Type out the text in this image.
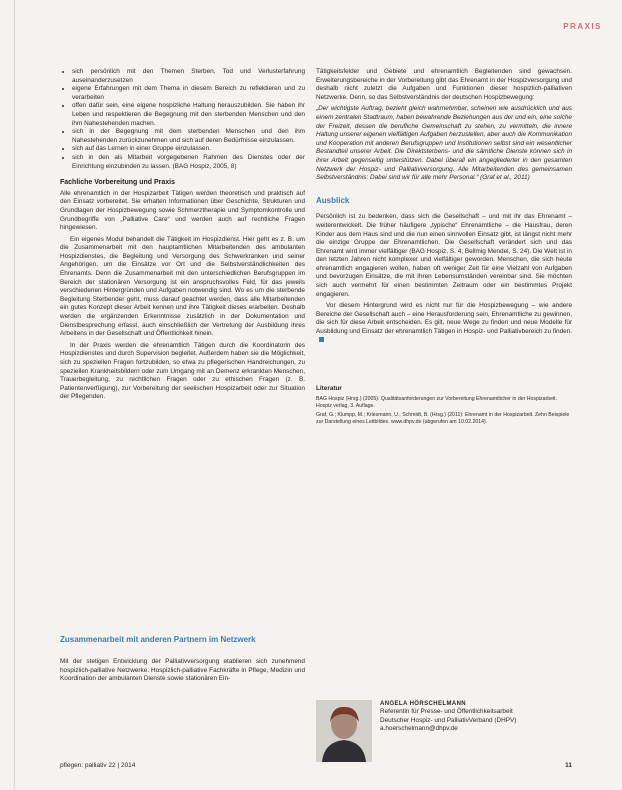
PRAXIS
• sich persönlich mit den Themen Sterben, Tod und Verlusterfahrung auseinanderzusetzen
• eigene Erfahrungen mit dem Thema in diesem Bereich zu reflektieren und zu verarbeiten
• offen dafür sein, eine eigene hospizliche Haltung herauszubilden. Sie haben ihr Leben und respektieren die Begegnung mit den sterbenden Menschen und den ihm Nahestehenden machen.
• sich in der Begegnung mit dem sterbenden Menschen und den ihm Nahestehenden zurückzunehmen und sich auf deren Bedürfnisse einzulassen.
• sich auf das Lernen in einer Gruppe einzulassen.
• sich in den als Mitarbeit vorgegebenen Rahmen des Dienstes oder der Einrichtung einzubinden zu lassen. (BAG Hospiz, 2005, 8)
Fachliche Vorbereitung und Praxis

Alle ehrenamtlich in der Hospizarbeit Tätigen werden theoretisch und praktisch auf den Einsatz vorbereitet. Sie erhalten Informationen über Geschichte, Strukturen und Grundlagen der Hospizbewegung sowie Schmerztherapie und Symptomkontrolle und Grundbegriffe von „Palliative Care“ und werden auch auf rechtliche Fragen hingewiesen.

Ein eigenes Modul behandelt die Tätigkeit im Hospizdienst. Hier geht es z. B. um die Zusammenarbeit mit den hauptamtlichen Mitarbeitenden des ambulanten Hospizdienstes, die Begleitung und Versorgung des Schwerkranken und seiner Angehörigen, um die Einsätze vor Ort und die Selbstverständlichkeiten des Ehrenamts. Denn die Zusammenarbeit mit den unterschiedlichen Berufsgruppen im Bereich der stationären Versorgung ist ein anspruchsvolles Feld, für das jeweils verschiedenen Hintergründen und Aufgaben notwendig sind. Wo es um die sterbende Begleitung Sterbender geht, muss darauf geachtet werden, dass alle Mitarbeitenden ein gutes Konzept dieser Arbeit kennen und ihre Tätigkeit dieses erarbeiten. Deshalb werden die ergänzenden Erkenntnisse zusätzlich in der Dokumentation und Dienstbesprechung erfasst, auch einschließlich der Vertretung der Ausbildung ihres Arbeitens in der Gesellschaft und Öffentlichkeit hinein.

In der Praxis werden die ehrenamtlich Tätigen durch die Koordinatorin des Hospizdienstes und durch Supervision begleitet. Außerdem haben sie die Möglichkeit, sich zu speziellen Fragen fortzubilden, so etwa zu pflegerischen Handreichungen, zu speziellen Krankheitsbildern oder zum Umgang mit an Demenz erkrankten Menschen, Trauerbegleitung, zu rechtlichen Fragen oder zu ethischen Fragen (z. B. Patientenverfügung), zur Vorbereitung der seelischen Hospizarbeit oder zur Situation der Pflegenden.

Tätigkeitsfelder und Gebiete und ehrenamtlich Begleitenden sind gewachsen. Erweiterungsbereiche in der Vorbereitung gibt das Ehrenamt in der Hospizversorgung und deshalb nicht zuletzt die Aufgaben und Funktionen dieser hospizlich-palliativen Netzwerke. Denn, so das Selbstverständnis der deutschen Hospizbewegung:

„Der wichtigste Auftrag, bezieht gleich wahrnehmbar, scheinen wie ausdrücklich und aus einem zentralen Stadtraum, haben bewahrende Beziehungen aus der und ein, eine solche der Freizeit, dessen die berufliche Gemeinschaft zu stehen, zu vermitteln, die innere Haltung unserer eigenen vielfältigen Aufgaben herzustellen, aber auch die Kommunikation und Kooperation mit anderen Berufsgruppen und Institutionen selbst sind ein wesentlicher Bestandteil unserer Arbeit. Die Direktsterbens- und die sämtliche Dienste können sich in ihrer Arbeit gegenseitig unterstützen. Dabei überall ein angegliederter in den gesamten Netzwerk der Hospiz- und Palliativversorgung. Alle Mitarbeitenden des gemeinsamen Selbstverständnis: Dabei sind wir für alle mehr Personal.“ (Graf et al., 2011)

Ausblick

Persönlich ist zu bedenken, dass sich die Gesellschaft – und mit ihr das Ehrenamt – weiterentwickelt. Die früher häufigere „typische“ Ehrenamtliche – die Hausfrau, deren Kinder aus dem Haus sind und die nun einen sinnvollen Einsatz gibt, ist längst nicht mehr die einzige Gruppe der Ehrenamtlichen. Die Gesellschaft verändert sich und das Ehrenamt wird immer vielfältiger (BAG Hospiz, S. 4; Bellmig Mendel, S. 24). Die Welt ist in den letzten Jahren nicht komplexer und vielfältiger geworden. Menschen, die sich heute ehrenamtlich engagieren wollen, haben oft weniger Zeit für eine Vielzahl von Aufgaben und bevorzugen Einsätze, die mit Ihren Lebensumständen vereinbar sind. Sie möchten sich auch vermehrt für einen bestimmten Zeitraum oder ein bestimmtes Projekt engagieren.

Vor diesem Hintergrund wird es nicht nur für die Hospizbewegung – wie andere Bereiche der Gesellschaft auch – eine Herausforderung sein, Ehrenamtliche zu gewinnen, die sich für diese Arbeit entscheiden. Es gilt, neue Wege zu finden und neue Modelle für Ausbildung und Einsatz der ehrenamtlich Tätigen in Hospiz- und Palliativbereich zu finden.

Literatur
BAG Hospiz (Hrsg.) (2005): Qualitätsanforderungen zur Vorbereitung Ehrenamtlicher in der Hospizarbeit. Hospiz verlag, 3. Auflage.
Graf, G.; Klumpp, M.; Kriesmann, U.; Schmidt, B. (Hrsg.) (2011): Ehrenamt in der Hospizarbeit. Zehn Beispiele zur Darstellung eines Leitbildes. www.dhpv.de (abgerufen am 10.02.2014).
Zusammenarbeit mit anderen Partnern im Netzwerk

Mit der stetigen Entwicklung der Palliativversorgung etablieren sich zunehmend hospizlich-palliative Netzwerke. Hospizlich-palliative Fachkräfte in Pflege, Medizin und Koordination der ambulanten Dienste sowie stationären Ein-

ANGELA HÖRSCHELMANN
Referentin für Presse- und Öffentlichkeitsarbeit
Deutscher Hospiz- und PalliativVerband (DHPV)
a.hoerschelmann@dhpv.de
pflegen: palliativ 22 | 2014	11
